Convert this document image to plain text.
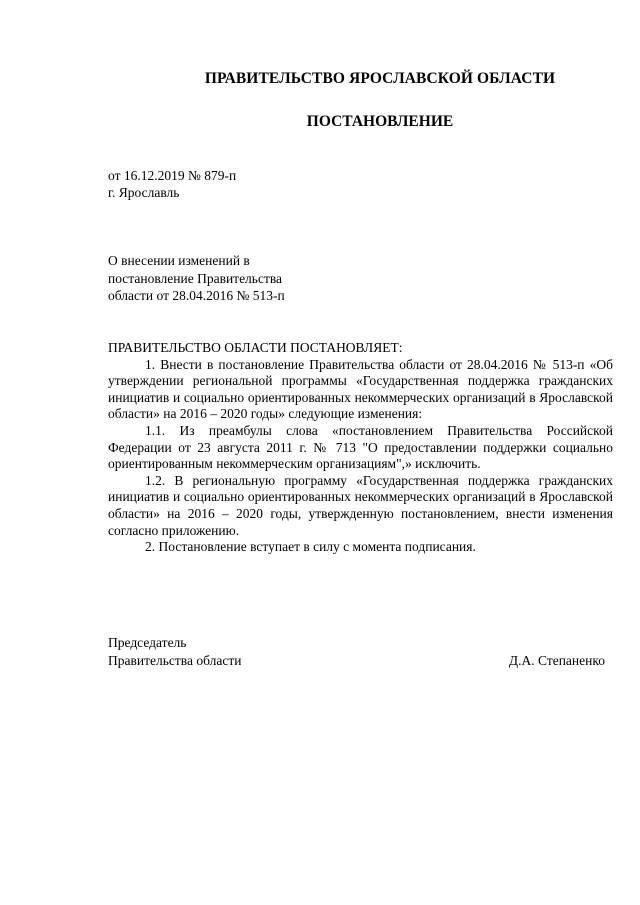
ПРАВИТЕЛЬСТВО ЯРОСЛАВСКОЙ ОБЛАСТИ
ПОСТАНОВЛЕНИЕ
от 16.12.2019 № 879-п
г. Ярославль
О внесении изменений в
постановление Правительства
области от 28.04.2016 № 513-п
ПРАВИТЕЛЬСТВО ОБЛАСТИ ПОСТАНОВЛЯЕТ:

1. Внести в постановление Правительства области от 28.04.2016 № 513-п «Об утверждении региональной программы «Государственная поддержка гражданских инициатив и социально ориентированных некоммерческих организаций в Ярославской области» на 2016 – 2020 годы» следующие изменения:

1.1. Из преамбулы слова «постановлением Правительства Российской Федерации от 23 августа 2011 г. № 713 "О предоставлении поддержки социально ориентированным некоммерческим организациям",» исключить.

1.2. В региональную программу «Государственная поддержка гражданских инициатив и социально ориентированных некоммерческих организаций в Ярославской области» на 2016 – 2020 годы, утвержденную постановлением, внести изменения согласно приложению.

2. Постановление вступает в силу с момента подписания.

Председатель
Правительства области	Д.А. Степаненко
